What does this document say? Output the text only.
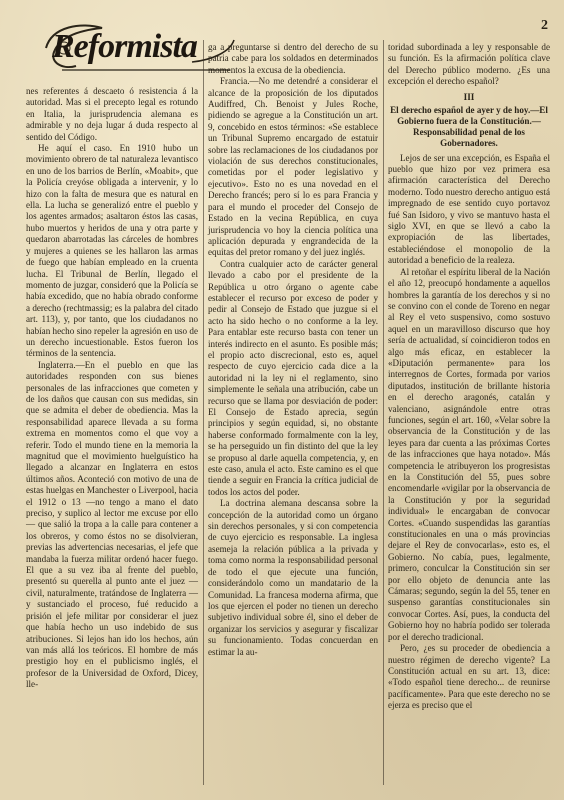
Reformista
2

nes referentes á descaeto ó resistencia á la autoridad. Mas si el precepto legal es rotundo en Italia, la jurisprudencia alemana es admirable y no deja lugar á duda respecto al sentido del Código.

He aquí el caso. En 1910 hubo un movimiento obrero de tal naturaleza levantisco en uno de los barrios de Berlín, «Moabit», que la Policía creyóse obligada a intervenir, y lo hizo con la falta de mesura que es natural en ella. La lucha se generalizó entre el pueblo y los agentes armados; asaltaron éstos las casas, hubo muertos y heridos de una y otra parte y quedaron abarrotadas las cárceles de hombres y mujeres a quienes se les hallaron las armas de fuego que habían empleado en la cruenta lucha. El Tribunal de Berlín, llegado el momento de juzgar, consideró que la Policía se había excedido, que no había obrado conforme a derecho (rechtmassig; es la palabra del citado art. 113), y, por tanto, que los ciudadanos no habían hecho sino repeler la agresión en uso de un derecho incuestionable. Estos fueron los términos de la sentencia.

Inglaterra.—En el pueblo en que las autoridades responden con sus bienes personales de las infracciones que cometen y de los daños que causan con sus medidas, sin que se admita el deber de obediencia. Mas la responsabilidad aparece llevada a su forma extrema en momentos como el que voy a referir. Todo el mundo tiene en la memoria la magnitud que el movimiento huelguístico ha llegado a alcanzar en Inglaterra en estos últimos años. Aconteció con motivo de una de estas huelgas en Manchester o Liverpool, hacia el 1912 o 13 —no tengo a mano el dato preciso, y suplico al lector me excuse por ello— que salió la tropa a la calle para contener a los obreros, y como éstos no se disolvieran, previas las advertencias necesarias, el jefe que mandaba la fuerza militar ordenó hacer fuego. El que a su vez iba al frente del pueblo, presentó su querella al punto ante el juez —civil, naturalmente, tratándose de Inglaterra —y sustanciado el proceso, fué reducido a prisión el jefe militar por considerar el juez que había hecho un uso indebido de sus atribuciones. Si lejos han ido los hechos, aún van más allá los teóricos. El hombre de más prestigio hoy en el publicismo inglés, el profesor de la Universidad de Oxford, Dicey, lle-

ga a preguntarse si dentro del derecho de su patria cabe para los soldados en determinados momentos la excusa de la obediencia.

Francia.—No me detendré a considerar el alcance de la proposición de los diputados Audiffred, Ch. Benoist y Jules Roche, pidiendo se agregue a la Constitución un art. 9, concebido en estos términos: «Se establece un Tribunal Supremo encargado de estatuir sobre las reclamaciones de los ciudadanos por violación de sus derechos constitucionales, cometidas por el poder legislativo y ejecutivo». Esto no es una novedad en el Derecho francés; pero sí lo es para Francia y para el mundo el proceder del Consejo de Estado en la vecina República, en cuya jurisprudencia vo hoy la ciencia política una aplicación depurada y engrandecida de la equitas del pretor romano y del juez inglés.

Contra cualquier acto de carácter general llevado a cabo por el presidente de la República u otro órgano o agente cabe establecer el recurso por exceso de poder y pedir al Consejo de Estado que juzgue si el acto ha sido hecho o no conforme a la ley. Para entablar este recurso basta con tener un interés indirecto en el asunto. Es posible más; el propio acto discrecional, esto es, aquel respecto de cuyo ejercicio cada dice a la autoridad ni la ley ni el reglamento, sino simplemente le señala una atribución, cabe un recurso que se llama por desviación de poder: El Consejo de Estado aprecia, según principios y según equidad, si, no obstante haberse conformado formalmente con la ley, se ha perseguido un fin distinto del que la ley se propuso al darle aquella competencia, y, en este caso, anula el acto. Este camino es el que tiende a seguir en Francia la crítica judicial de todos los actos del poder.

La doctrina alemana descansa sobre la concepción de la autoridad como un órgano sin derechos personales, y si con competencia de cuyo ejercicio es responsable. La inglesa asemeja la relación pública a la privada y toma como norma la responsabilidad personal de todo el que ejecute una función, considerándolo como un mandatario de la Comunidad. La francesa moderna afirma, que los que ejercen el poder no tienen un derecho subjetivo individual sobre él, sino el deber de organizar los servicios y asegurar y fiscalizar su funcionamiento. Todas concuerdan en estimar la au-

toridad subordinada a ley y responsable de su función. Es la afirmación política clave del Derecho público moderno. ¿Es una excepción el derecho español?

III
El derecho español de ayer y de hoy.—El Gobierno fuera de la Constitución.—Responsabilidad penal de los Gobernadores.

Lejos de ser una excepción, es España el pueblo que hizo por vez primera esa afirmación característica del Derecho moderno. Todo nuestro derecho antiguo está impregnado de ese sentido cuyo portavoz fué San Isidoro, y vivo se mantuvo hasta el siglo XVI, en que se llevó a cabo la expropiación de las libertades, estableciéndose el monopolio de la autoridad a beneficio de la realeza.

Al retoñar el espíritu liberal de la Nación el año 12, preocupó hondamente a aquellos hombres la garantía de los derechos y si no se convino con el conde de Toreno en negar al Rey el veto suspensivo, como sostuvo aquel en un maravilloso discurso que hoy sería de actualidad, sí coincidieron todos en algo más eficaz, en establecer la «Diputación permanente» para los interregnos de Cortes, formada por varios diputados, institución de brillante historia en el derecho aragonés, catalán y valenciano, asignándole entre otras funciones, según el art. 160, «Velar sobre la observancia de la Constitución y de las leyes para dar cuenta a las próximas Cortes de las infracciones que haya notado». Más competencia le atribuyeron los progresistas en la Constitución del 55, pues sobre encomendarle «vigilar por la observancia de la Constitución y por la seguridad individual» le encargaban de convocar Cortes. «Cuando suspendidas las garantías constitucionales en una o más provincias dejare el Rey de convocarlas», esto es, el Gobierno. No cabía, pues, legalmente, primero, conculcar la Constitución sin ser por ello objeto de denuncia ante las Cámaras; segundo, según la del 55, tener en suspenso garantías constitucionales sin convocar Cortes. Así, pues, la conducta del Gobierno hoy no habría podido ser tolerada por el derecho tradicional.

Pero, ¿es su proceder de obediencia a nuestro régimen de derecho vigente? La Constitución actual en su art. 13, dice: «Todo español tiene derecho... de reunirse pacíficamente». Para que este derecho no se ejerza es preciso que el
